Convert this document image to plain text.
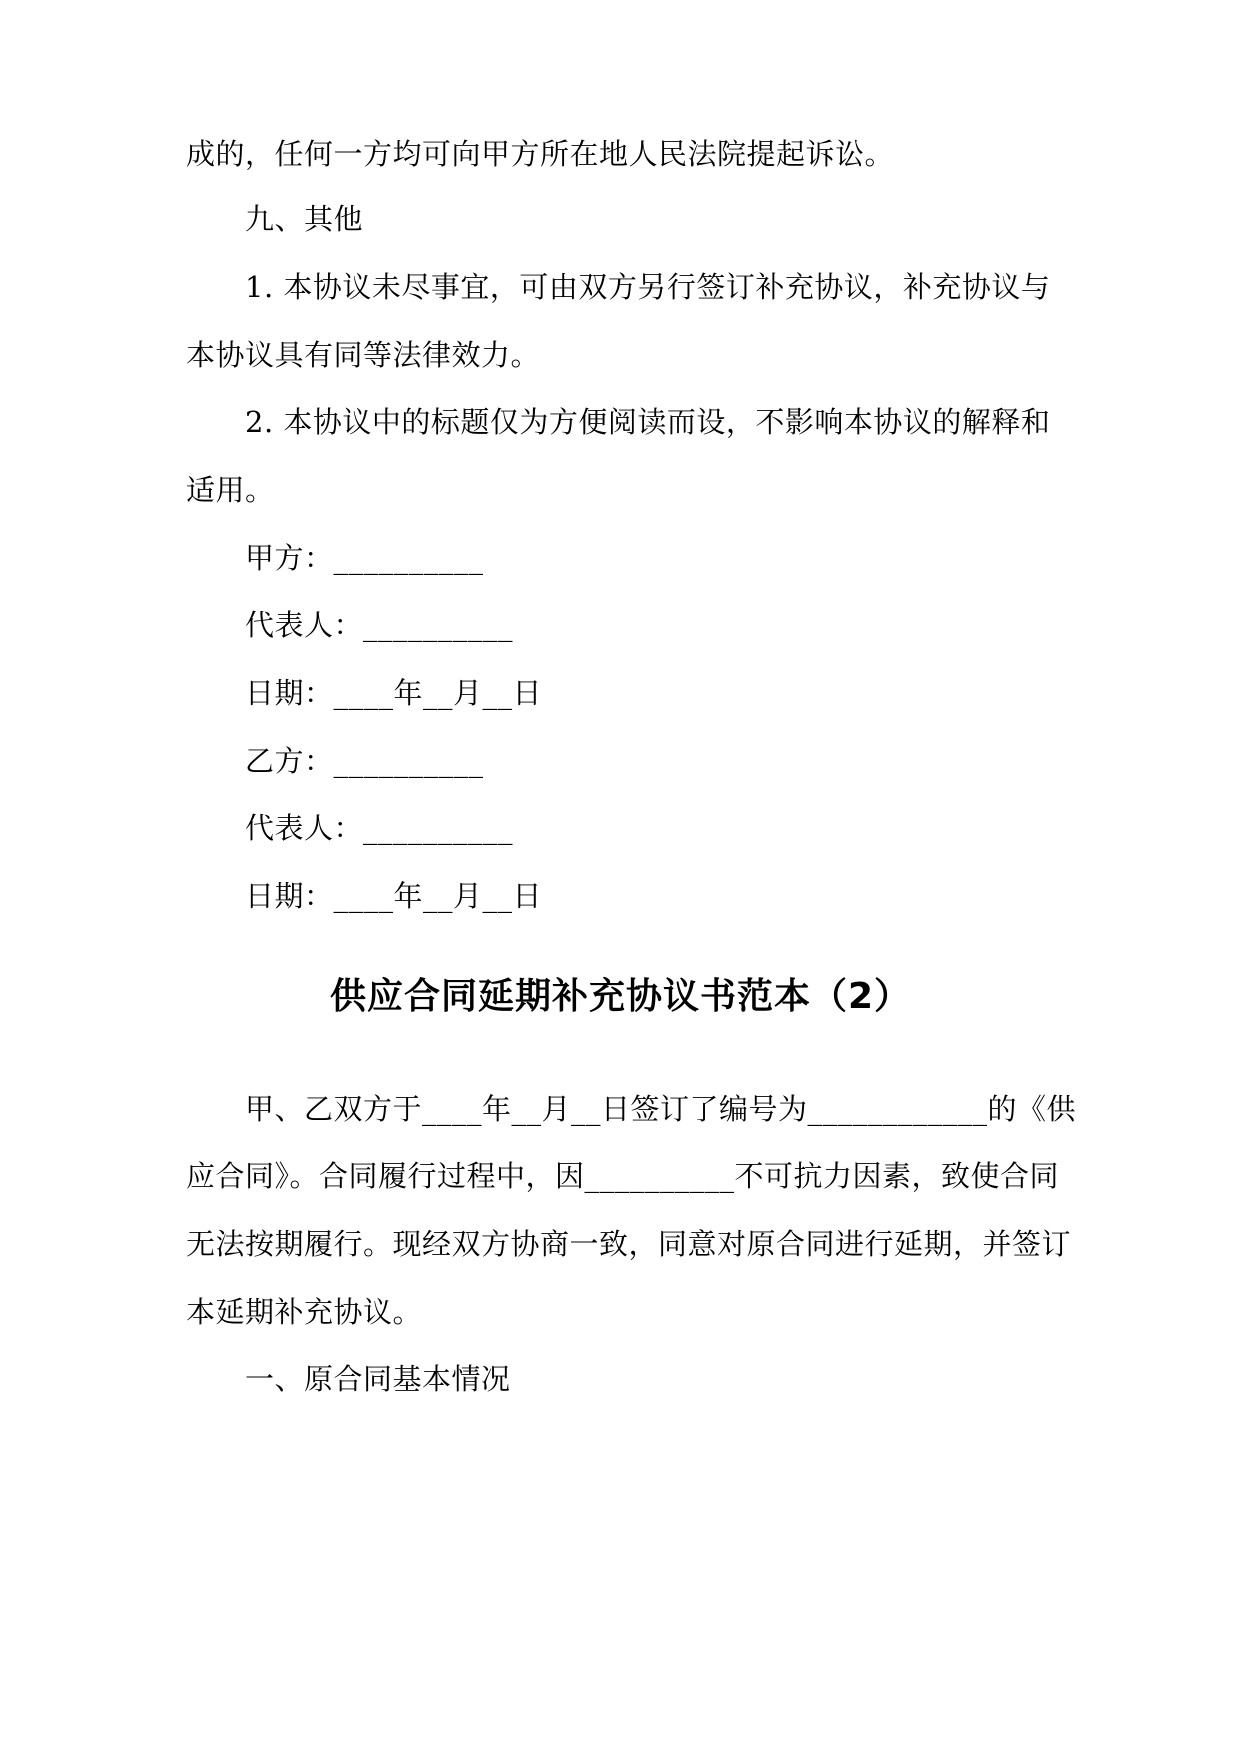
成的，任何一方均可向甲方所在地人民法院提起诉讼。
九、其他
1. 本协议未尽事宜，可由双方另行签订补充协议，补充协议与
本协议具有同等法律效力。
2. 本协议中的标题仅为方便阅读而设，不影响本协议的解释和
适用。
甲方：__________
代表人：__________
日期：____年__月__日
乙方：__________
代表人：__________
日期：____年__月__日
供应合同延期补充协议书范本（2）
甲、乙双方于____年__月__日签订了编号为____________的《供
应合同》。合同履行过程中，因__________不可抗力因素，致使合同
无法按期履行。现经双方协商一致，同意对原合同进行延期，并签订
本延期补充协议。
一、原合同基本情况
